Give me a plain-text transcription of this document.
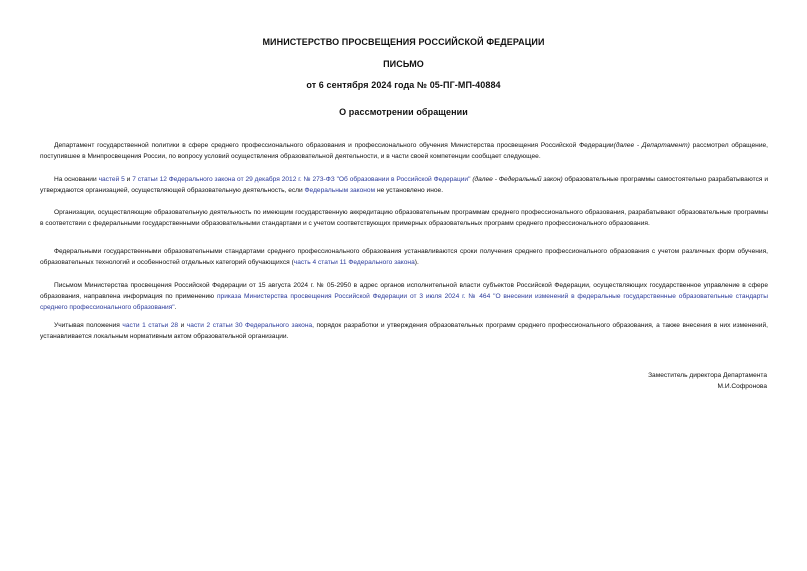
МИНИСТЕРСТВО ПРОСВЕЩЕНИЯ РОССИЙСКОЙ ФЕДЕРАЦИИ
ПИСЬМО
от 6 сентября 2024 года № 05-ПГ-МП-40884
О рассмотрении обращении

Департамент государственной политики в сфере среднего профессионального образования и профессионального обучения Министерства просвещения Российской Федерации(далее - Департамент) рассмотрел обращение, поступившее в Минпросвещения России, по вопросу условий осуществления образовательной деятельности, и в части своей компетенции сообщает следующее.

На основании частей 5 и 7 статьи 12 Федерального закона от 29 декабря 2012 г. № 273-ФЗ "Об образовании в Российской Федерации" (далее - Федеральный закон) образовательные программы самостоятельно разрабатываются и утверждаются организацией, осуществляющей образовательную деятельность, если Федеральным законом не установлено иное.

Организации, осуществляющие образовательную деятельность по имеющим государственную аккредитацию образовательным программам среднего профессионального образования, разрабатывают образовательные программы в соответствии с федеральными государственными образовательными стандартами и с учетом соответствующих примерных образовательных программ среднего профессионального образования.

Федеральными государственными образовательными стандартами среднего профессионального образования устанавливаются сроки получения среднего профессионального образования с учетом различных форм обучения, образовательных технологий и особенностей отдельных категорий обучающихся (часть 4 статьи 11 Федерального закона).

Письмом Министерства просвещения Российской Федерации от 15 августа 2024 г. № 05-2950 в адрес органов исполнительной власти субъектов Российской Федерации, осуществляющих государственное управление в сфере образования, направлена информация по применению приказа Министерства просвещения Российской Федерации от 3 июля 2024 г. № 464 "О внесении изменений в федеральные государственные образовательные стандарты среднего профессионального образования".

Учитывая положения части 1 статьи 28 и части 2 статьи 30 Федерального закона, порядок разработки и утверждения образовательных программ среднего профессионального образования, а также внесения в них изменений, устанавливается локальным нормативным актом образовательной организации.

Заместитель директора Департамента
М.И.Софронова
